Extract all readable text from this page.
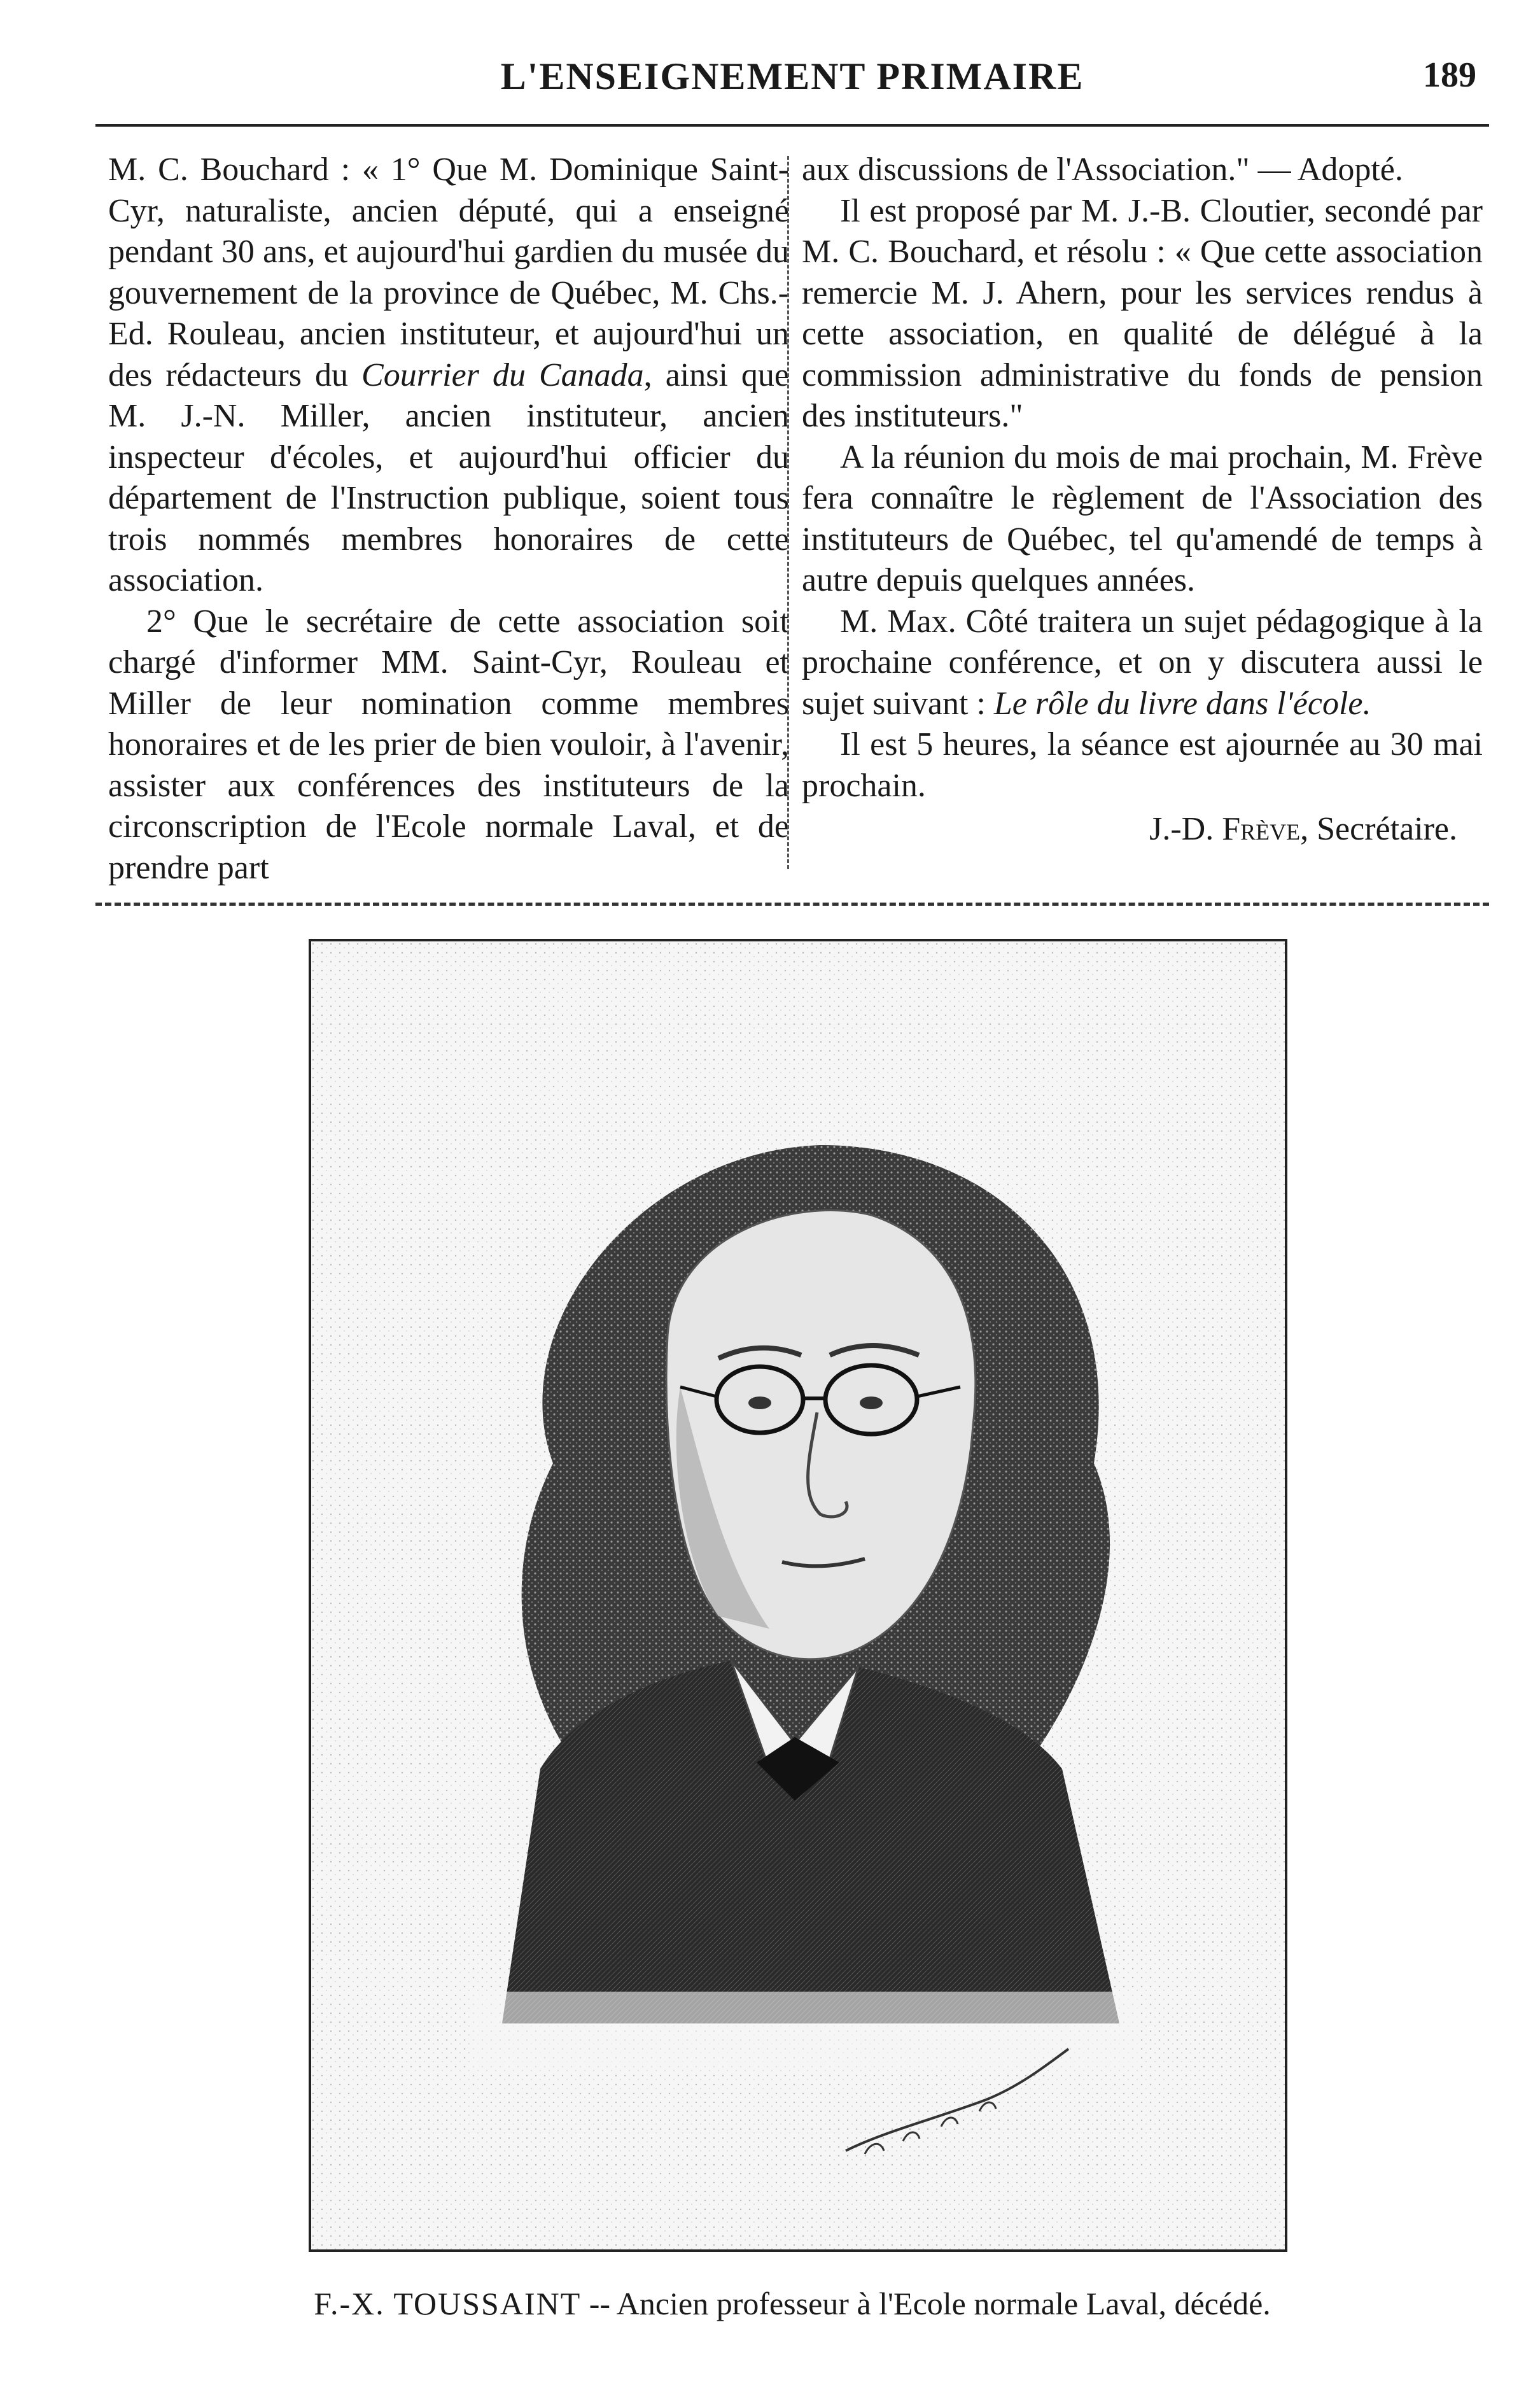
L'ENSEIGNEMENT PRIMAIRE	189

M. C. Bouchard : « 1° Que M. Dominique Saint-Cyr, naturaliste, ancien député, qui a enseigné pendant 30 ans, et aujourd'hui gardien du musée du gouvernement de la province de Québec, M. Chs.-Ed. Rouleau, ancien instituteur, et aujourd'hui un des rédacteurs du Courrier du Canada, ainsi que M. J.-N. Miller, ancien instituteur, ancien inspecteur d'écoles, et aujourd'hui officier du département de l'Instruction publique, soient tous trois nommés membres honoraires de cette association.

2° Que le secrétaire de cette association soit chargé d'informer MM. Saint-Cyr, Rouleau et Miller de leur nomination comme membres honoraires et de les prier de bien vouloir, à l'avenir, assister aux conférences des instituteurs de la circonscription de l'Ecole normale Laval, et de prendre part

aux discussions de l'Association." — Adopté.

Il est proposé par M. J.-B. Cloutier, secondé par M. C. Bouchard, et résolu : « Que cette association remercie M. J. Ahern, pour les services rendus à cette association, en qualité de délégué à la commission administrative du fonds de pension des instituteurs."

A la réunion du mois de mai prochain, M. Frève fera connaître le règlement de l'Association des instituteurs de Québec, tel qu'amendé de temps à autre depuis quelques années.

M. Max. Côté traitera un sujet pédagogique à la prochaine conférence, et on y discutera aussi le sujet suivant : Le rôle du livre dans l'école.

Il est 5 heures, la séance est ajournée au 30 mai prochain.

J.-D. Frève, Secrétaire.
F.-X. TOUSSAINT -- Ancien professeur à l'Ecole normale Laval, décédé.
